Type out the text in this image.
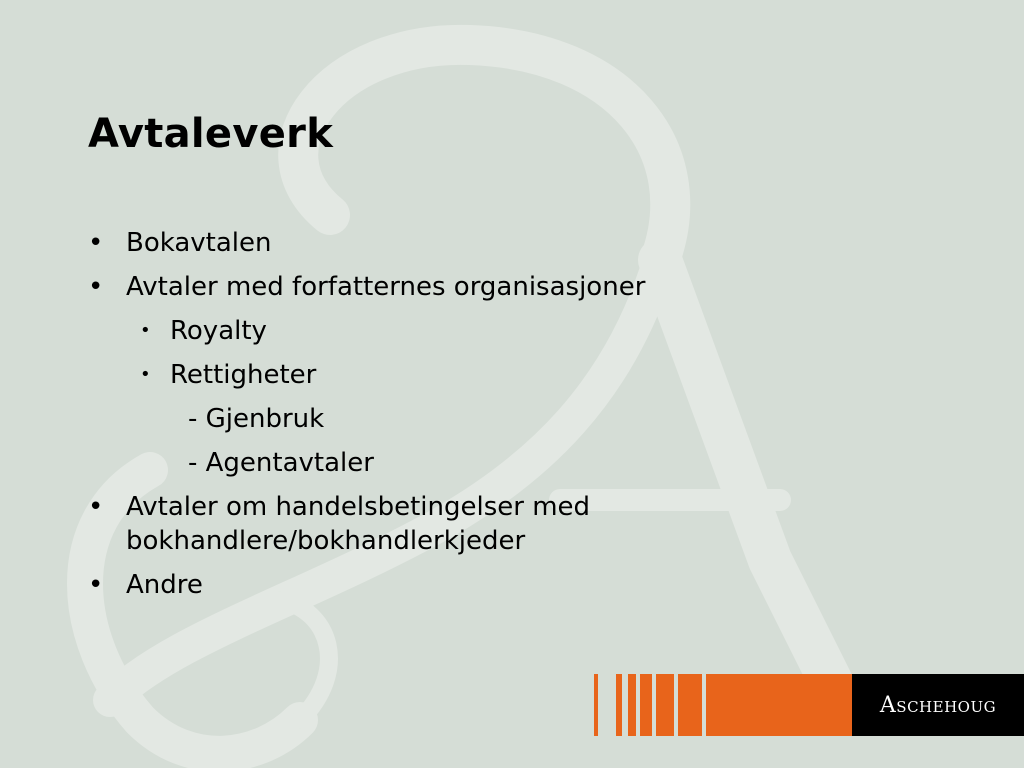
Avtaleverk
• Bokavtalen
• Avtaler med forfatternes organisasjoner
• Royalty
• Rettigheter
- Gjenbruk
- Agentavtaler
• Avtaler om handelsbetingelser med bokhandlere/bokhandlerkjeder
• Andre
Aschehoug
